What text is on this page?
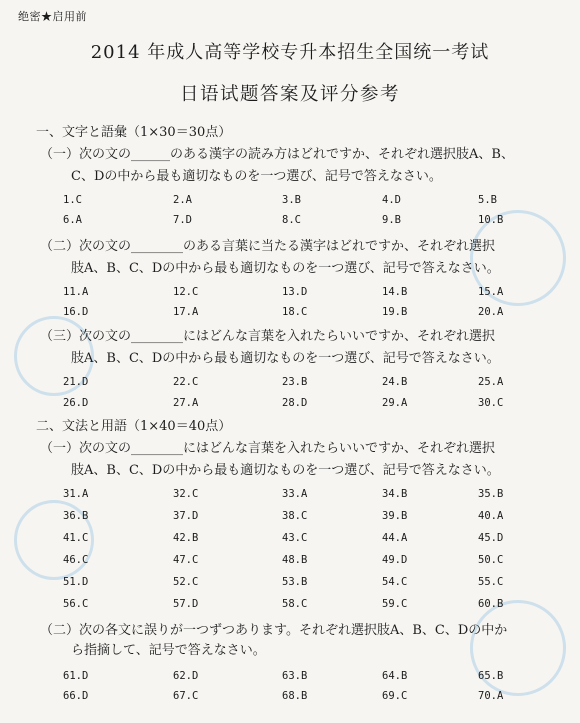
绝密★启用前
2014 年成人高等学校专升本招生全国统一考试
日语试题答案及评分参考
一、文字と語彙（1×30＝30点）
（一）次の文の______のある漢字の読み方はどれですか、それぞれ選択肢A、B、
C、Dの中から最も適切なものを一つ選び、記号で答えなさい。
1.C	2.A	3.B	4.D	5.B
6.A	7.D	8.C	9.B	10.B
（二）次の文の________のある言葉に当たる漢字はどれですか、それぞれ選択
肢A、B、C、Dの中から最も適切なものを一つ選び、記号で答えなさい。
11.A	12.C	13.D	14.B	15.A
16.D	17.A	18.C	19.B	20.A
（三）次の文の________にはどんな言葉を入れたらいいですか、それぞれ選択
肢A、B、C、Dの中から最も適切なものを一つ選び、記号で答えなさい。
21.D	22.C	23.B	24.B	25.A
26.D	27.A	28.D	29.A	30.C
二、文法と用語（1×40＝40点）
（一）次の文の________にはどんな言葉を入れたらいいですか、それぞれ選択
肢A、B、C、Dの中から最も適切なものを一つ選び、記号で答えなさい。
31.A	32.C	33.A	34.B	35.B
36.B	37.D	38.C	39.B	40.A
41.C	42.B	43.C	44.A	45.D
46.C	47.C	48.B	49.D	50.C
51.D	52.C	53.B	54.C	55.C
56.C	57.D	58.C	59.C	60.B
（二）次の各文に誤りが一つずつあります。それぞれ選択肢A、B、C、Dの中か
ら指摘して、記号で答えなさい。
61.D	62.D	63.B	64.B	65.B
66.D	67.C	68.B	69.C	70.A
